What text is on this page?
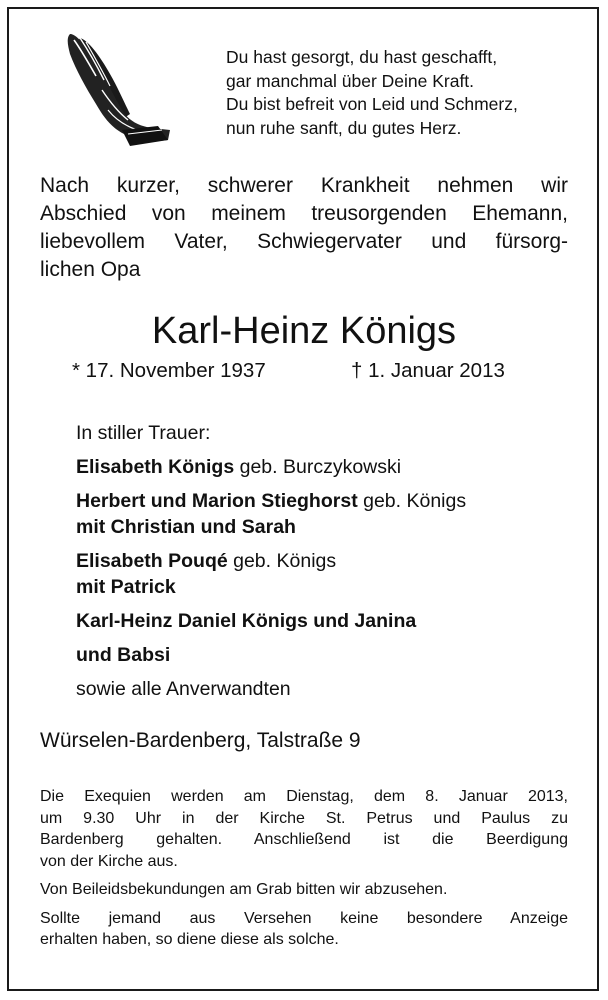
Du hast gesorgt, du hast geschafft,
gar manchmal über Deine Kraft.
Du bist befreit von Leid und Schmerz,
nun ruhe sanft, du gutes Herz.
Nach kurzer, schwerer Krankheit nehmen wir
Abschied von meinem treusorgenden Ehemann,
liebevollem Vater, Schwiegervater und fürsorg-
lichen Opa
Karl-Heinz Königs
* 17. November 1937	† 1. Januar 2013
In stiller Trauer:
Elisabeth Königs geb. Burczykowski
Herbert und Marion Stieghorst geb. Königs
mit Christian und Sarah
Elisabeth Pouqé geb. Königs
mit Patrick
Karl-Heinz Daniel Königs und Janina
und Babsi
sowie alle Anverwandten
Würselen-Bardenberg, Talstraße 9
Die Exequien werden am Dienstag, dem 8. Januar 2013,
um 9.30 Uhr in der Kirche St. Petrus und Paulus zu
Bardenberg gehalten. Anschließend ist die Beerdigung
von der Kirche aus.
Von Beileidsbekundungen am Grab bitten wir abzusehen.
Sollte jemand aus Versehen keine besondere Anzeige
erhalten haben, so diene diese als solche.
